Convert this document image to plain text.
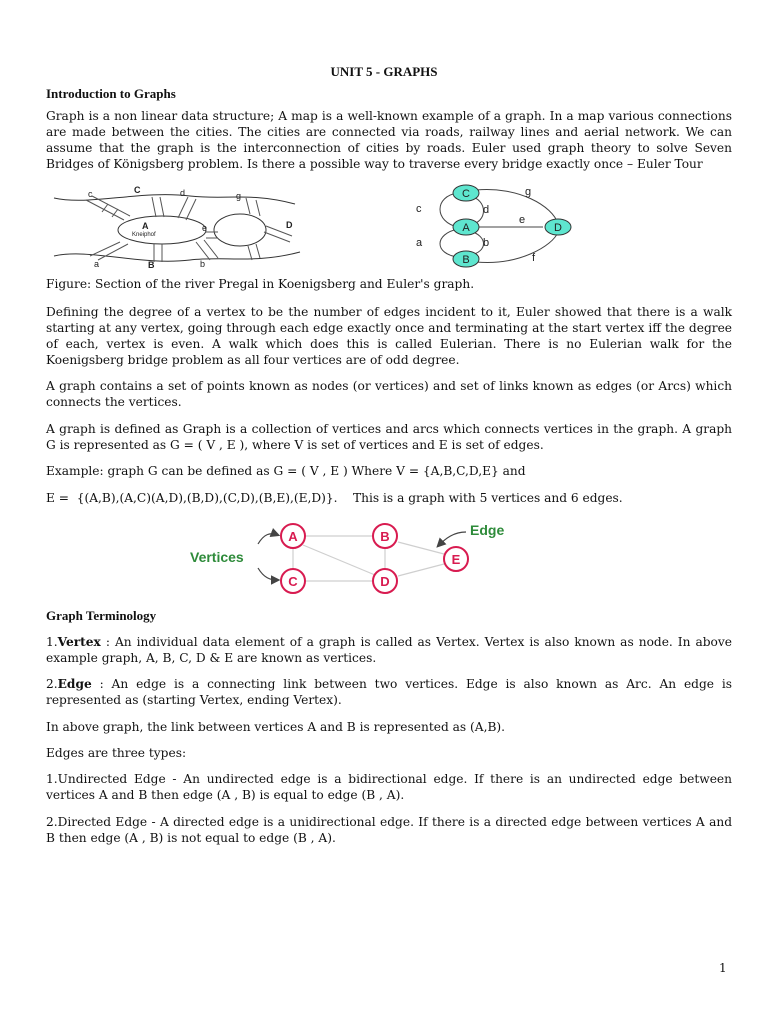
UNIT 5 - GRAPHS
Introduction to Graphs

Graph is a non linear data structure; A map is a well-known example of a graph. In a map various connections are made between the cities. The cities are connected via roads, railway lines and aerial network. We can assume that the graph is the interconnection of cities by roads. Euler used graph theory to solve Seven Bridges of Königsberg problem. Is there a possible way to traverse every bridge exactly once – Euler Tour

c	C	d	g
A	e	D
a	B	b
Kneiphof
C
A	D
B
c	d
g
e
a	b
f

Figure: Section of the river Pregal in Koenigsberg and Euler's graph.

Defining the degree of a vertex to be the number of edges incident to it, Euler showed that there is a walk starting at any vertex, going through each edge exactly once and terminating at the start vertex iff the degree of each, vertex is even. A walk which does this is called Eulerian. There is no Eulerian walk for the Koenigsberg bridge problem as all four vertices are of odd degree.

A graph contains a set of points known as nodes (or vertices) and set of links known as edges (or Arcs) which connects the vertices.

A graph is defined as Graph is a collection of vertices and arcs which connects vertices in the graph. A graph G is represented as G = ( V , E ), where V is set of vertices and E is set of edges.

Example: graph G can be defined as G = ( V , E ) Where V = {A,B,C,D,E} and

E =  {(A,B),(A,C)(A,D),(B,D),(C,D),(B,E),(E,D)}.    This is a graph with 5 vertices and 6 edges.

A	B
C	D
E
Vertices
Edge
Graph Terminology

1.Vertex : An individual data element of a graph is called as Vertex. Vertex is also known as node. In above example graph, A, B, C, D & E are known as vertices.

2.Edge : An edge is a connecting link between two vertices. Edge is also known as Arc. An edge is represented as (starting Vertex, ending Vertex).

In above graph, the link between vertices A and B is represented as (A,B).

Edges are three types:

1.Undirected Edge - An undirected edge is a bidirectional edge. If there is an undirected edge between vertices A and B then edge (A , B) is equal to edge (B , A).

2.Directed Edge - A directed edge is a unidirectional edge. If there is a directed edge between vertices A and B then edge (A , B) is not equal to edge (B , A).

1
